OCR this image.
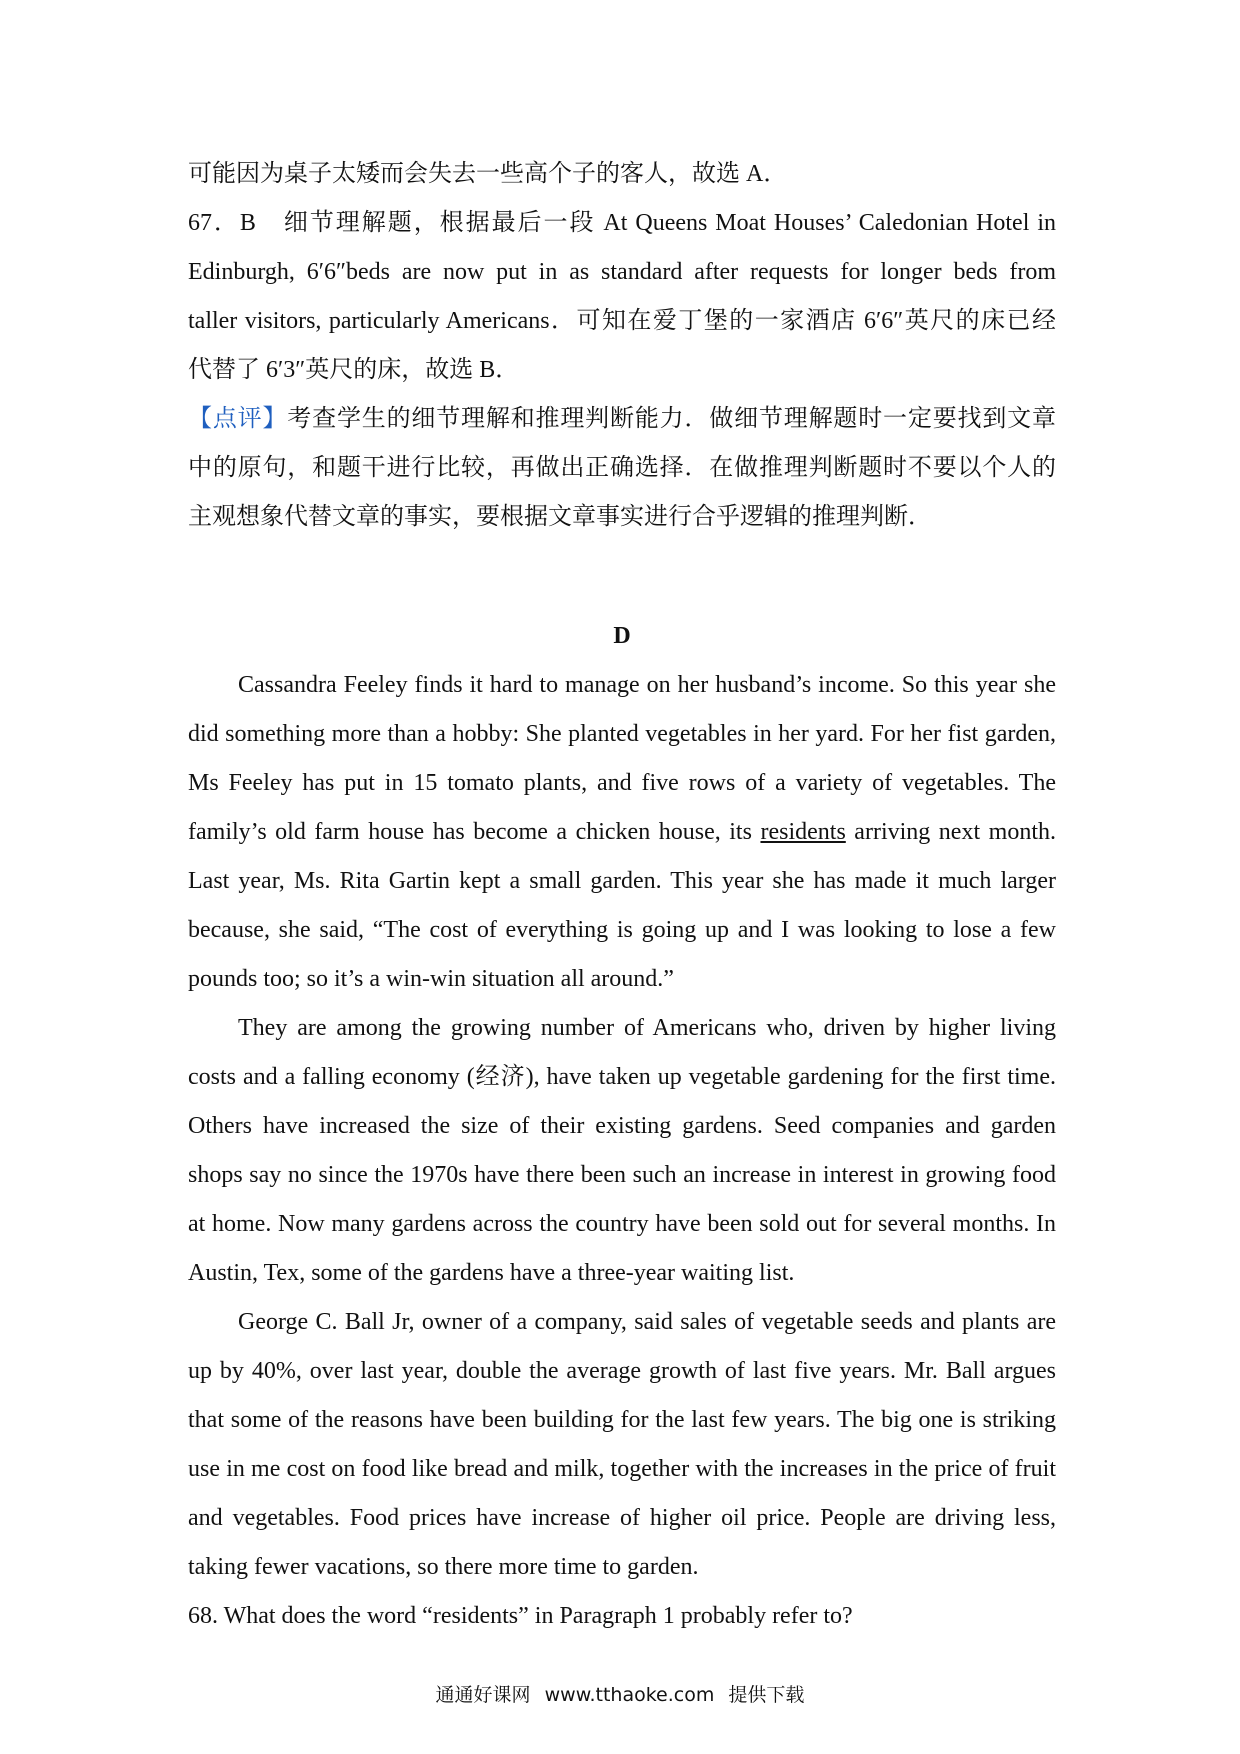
可能因为桌子太矮而会失去一些高个子的客人，故选 A．
67．B　细节理解题，根据最后一段 At Queens Moat Houses’ Caledonian Hotel in
Edinburgh, 6′6″beds are now put in as standard after requests for longer beds from
taller visitors, particularly Americans．可知在爱丁堡的一家酒店 6′6″英尺的床已经
代替了 6′3″英尺的床，故选 B．
【点评】考查学生的细节理解和推理判断能力．做细节理解题时一定要找到文章
中的原句，和题干进行比较，再做出正确选择．在做推理判断题时不要以个人的
主观想象代替文章的事实，要根据文章事实进行合乎逻辑的推理判断．
D

Cassandra Feeley finds it hard to manage on her husband’s income. So this year she did something more than a hobby: She planted vegetables in her yard. For her fist garden, Ms Feeley has put in 15 tomato plants, and five rows of a variety of vegetables. The family’s old farm house has become a chicken house, its residents arriving next month. Last year, Ms. Rita Gartin kept a small garden. This year she has made it much larger because, she said, “The cost of everything is going up and I was looking to lose a few pounds too; so it’s a win-win situation all around.”

They are among the growing number of Americans who, driven by higher living costs and a falling economy (经济), have taken up vegetable gardening for the first time. Others have increased the size of their existing gardens. Seed companies and garden shops say no since the 1970s have there been such an increase in interest in growing food at home. Now many gardens across the country have been sold out for several months. In Austin, Tex, some of the gardens have a three-year waiting list.

George C. Ball Jr, owner of a company, said sales of vegetable seeds and plants are up by 40%, over last year, double the average growth of last five years. Mr. Ball argues that some of the reasons have been building for the last few years. The big one is striking use in me cost on food like bread and milk, together with the increases in the price of fruit and vegetables. Food prices have increase of higher oil price. People are driving less, taking fewer vacations, so there more time to garden.

68. What does the word “residents” in Paragraph 1 probably refer to?
通通好课网 www.tthaoke.com 提供下载
